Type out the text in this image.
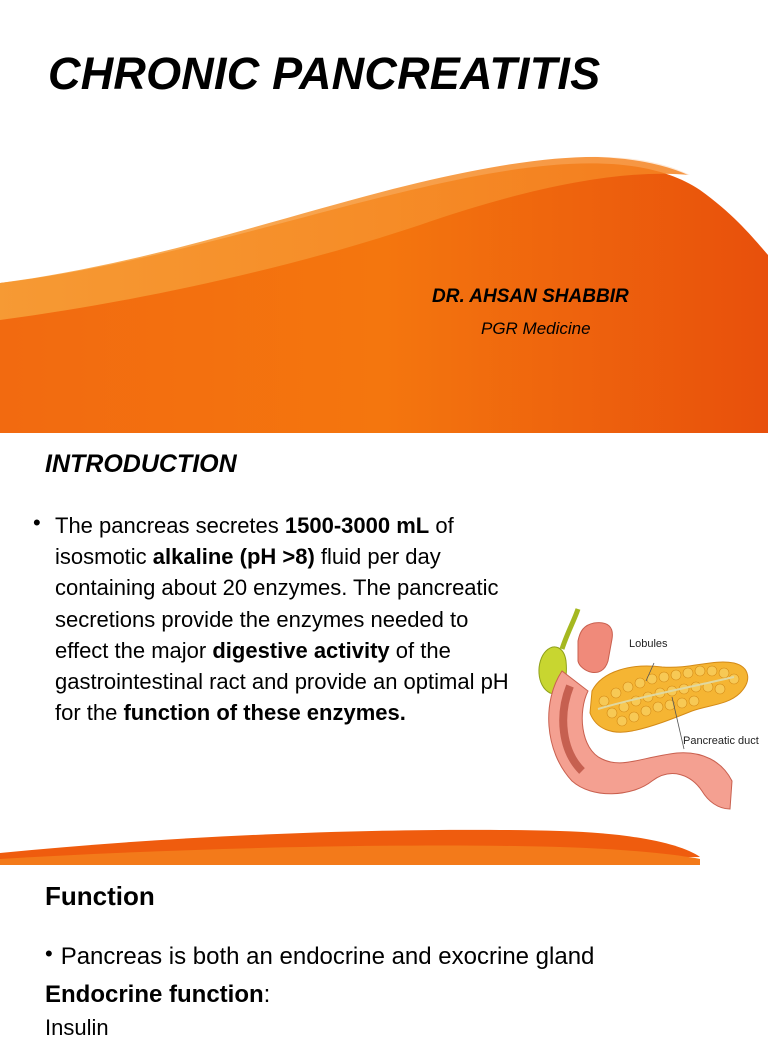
CHRONIC PANCREATITIS
DR. AHSAN SHABBIR
PGR Medicine
INTRODUCTION
• The pancreas secretes 1500-3000 mL of isosmotic alkaline (pH >8) fluid per day containing about 20 enzymes. The pancreatic secretions provide the enzymes needed to effect the major digestive activity of the gastrointestinal ract and provide an optimal pH for the function of these enzymes.
Lobules
Pancreatic duct
Function
• Pancreas is both an endocrine and exocrine gland
Endocrine function:
Insulin
